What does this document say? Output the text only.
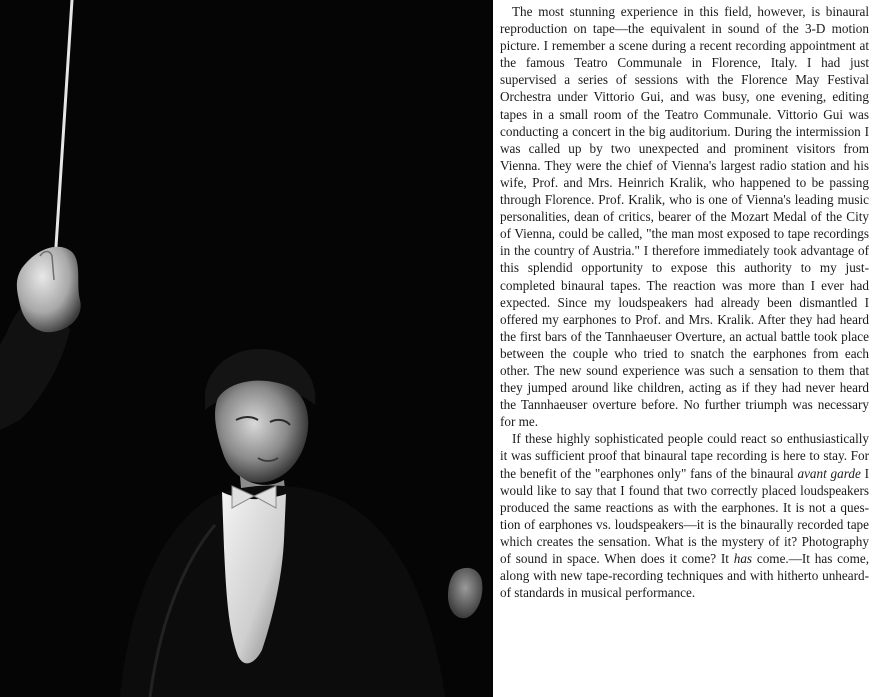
The most stunning experience in this field, however, is binaural reproduction on tape—the equivalent in sound of the 3-D motion picture. I remember a scene during a recent recording appointment at the famous Teatro Communale in Florence, Italy. I had just supervised a series of sessions with the Florence May Festival Orchestra under Vittorio Gui, and was busy, one evening, editing tapes in a small room of the Teatro Communale. Vittorio Gui was conducting a concert in the big auditorium. During the intermission I was called up by two unexpected and prominent visitors from Vienna. They were the chief of Vienna's largest radio station and his wife, Prof. and Mrs. Heinrich Kralik, who happened to be passing through Florence. Prof. Kralik, who is one of Vienna's leading music personalities, dean of critics, bearer of the Mozart Medal of the City of Vienna, could be called, "the man most exposed to tape recordings in the country of Austria." I therefore immediately took advantage of this splendid opportunity to expose this authority to my just-completed binaural tapes. The reaction was more than I ever had expected. Since my loudspeakers had already been dismantled I offered my earphones to Prof. and Mrs. Kralik. After they had heard the first bars of the Tannhaeuser Overture, an actual battle took place between the couple who tried to snatch the earphones from each other. The new sound experience was such a sensation to them that they jumped around like children, acting as if they had never heard the Tannhaeuser overture before. No further triumph was necessary for me.

If these highly sophisticated people could react so enthusiastically it was sufficient proof that binaural tape recording is here to stay. For the benefit of the "earphones only" fans of the binaural avant garde I would like to say that I found that two correctly placed loudspeakers produced the same reactions as with the earphones. It is not a question of earphones vs. loudspeakers—it is the binaurally recorded tape which creates the sensation. What is the mystery of it? Photography of sound in space. When does it come? It has come.—It has come, along with new tape-recording techniques and with hitherto unheard-of standards in musical performance.
